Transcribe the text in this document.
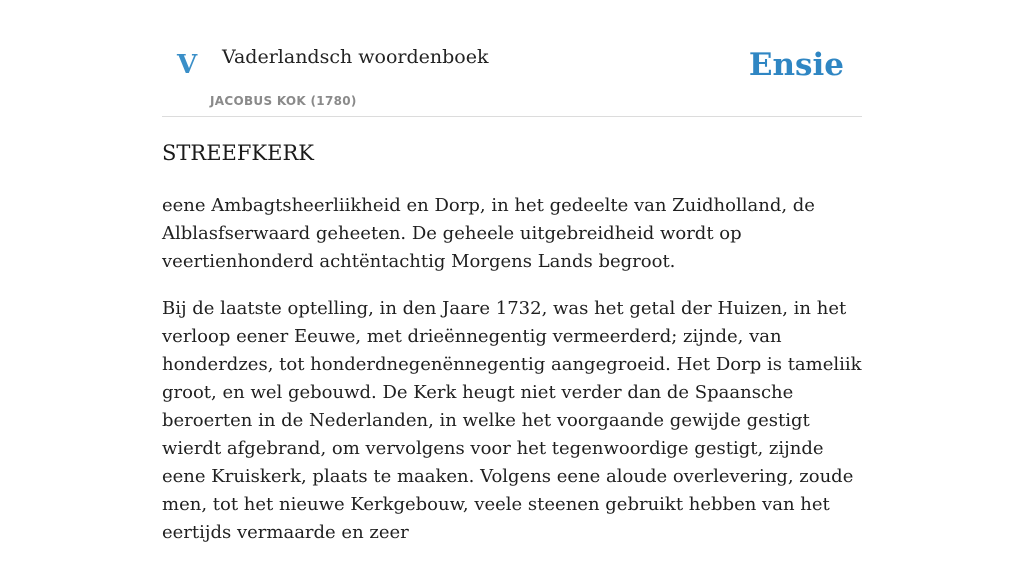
V Vaderlandsch woordenboek
JACOBUS KOK (1780)
Ensie
STREEFKERK

eene Ambagtsheerliikheid en Dorp, in het gedeelte van Zuidholland, de Alblasfserwaard geheeten. De geheele uitgebreidheid wordt op veertienhonderd achtëntachtig Morgens Lands begroot.

Bij de laatste optelling, in den Jaare 1732, was het getal der Huizen, in het verloop eener Eeuwe, met drieënnegentig vermeerderd; zijnde, van honderdzes, tot honderdnegenënnegentig aangegroeid. Het Dorp is tameliik groot, en wel gebouwd. De Kerk heugt niet verder dan de Spaansche beroerten in de Nederlanden, in welke het voorgaande gewijde gestigt wierdt afgebrand, om vervolgens voor het tegenwoordige gestigt, zijnde eene Kruiskerk, plaats te maaken. Volgens eene aloude overlevering, zoude men, tot het nieuwe Kerkgebouw, veele steenen gebruikt hebben van het eertijds vermaarde en zeer
